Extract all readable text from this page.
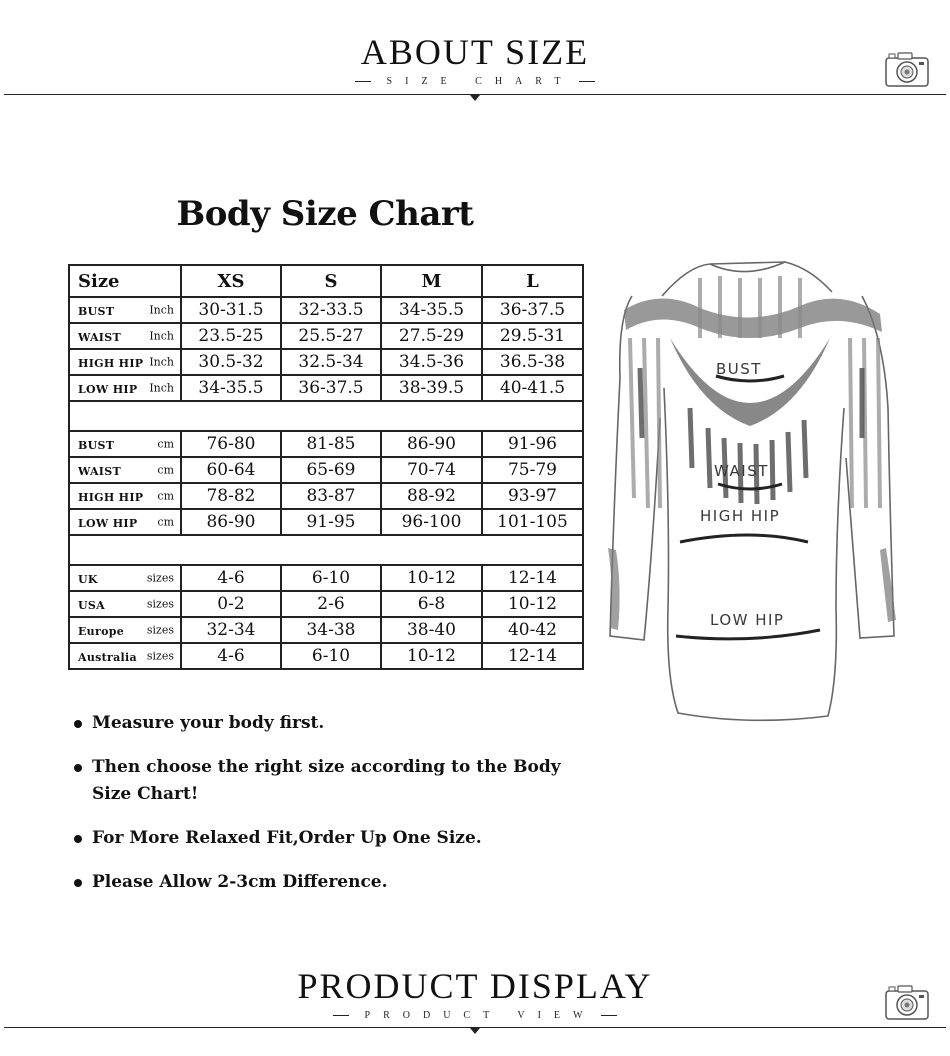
ABOUT SIZE
SIZE CHART
Body Size Chart
Size	XS	S	M	L
BUST Inch	30-31.5	32-33.5	34-35.5	36-37.5
WAIST Inch	23.5-25	25.5-27	27.5-29	29.5-31
HIGH HIP Inch	30.5-32	32.5-34	34.5-36	36.5-38
LOW HIP Inch	34-35.5	36-37.5	38-39.5	40-41.5

BUST cm	76-80	81-85	86-90	91-96
WAIST cm	60-64	65-69	70-74	75-79
HIGH HIP cm	78-82	83-87	88-92	93-97
LOW HIP cm	86-90	91-95	96-100	101-105

UK sizes	4-6	6-10	10-12	12-14
USA sizes	0-2	2-6	6-8	10-12
Europe sizes	32-34	34-38	38-40	40-42
Australia sizes	4-6	6-10	10-12	12-14
Measure your body first.
Then choose the right size according to the Body Size Chart!
For More Relaxed Fit,Order Up One Size.
Please Allow 2-3cm Difference.
BUST
WAIST
HIGH HIP
LOW HIP
PRODUCT DISPLAY
PRODUCT VIEW
